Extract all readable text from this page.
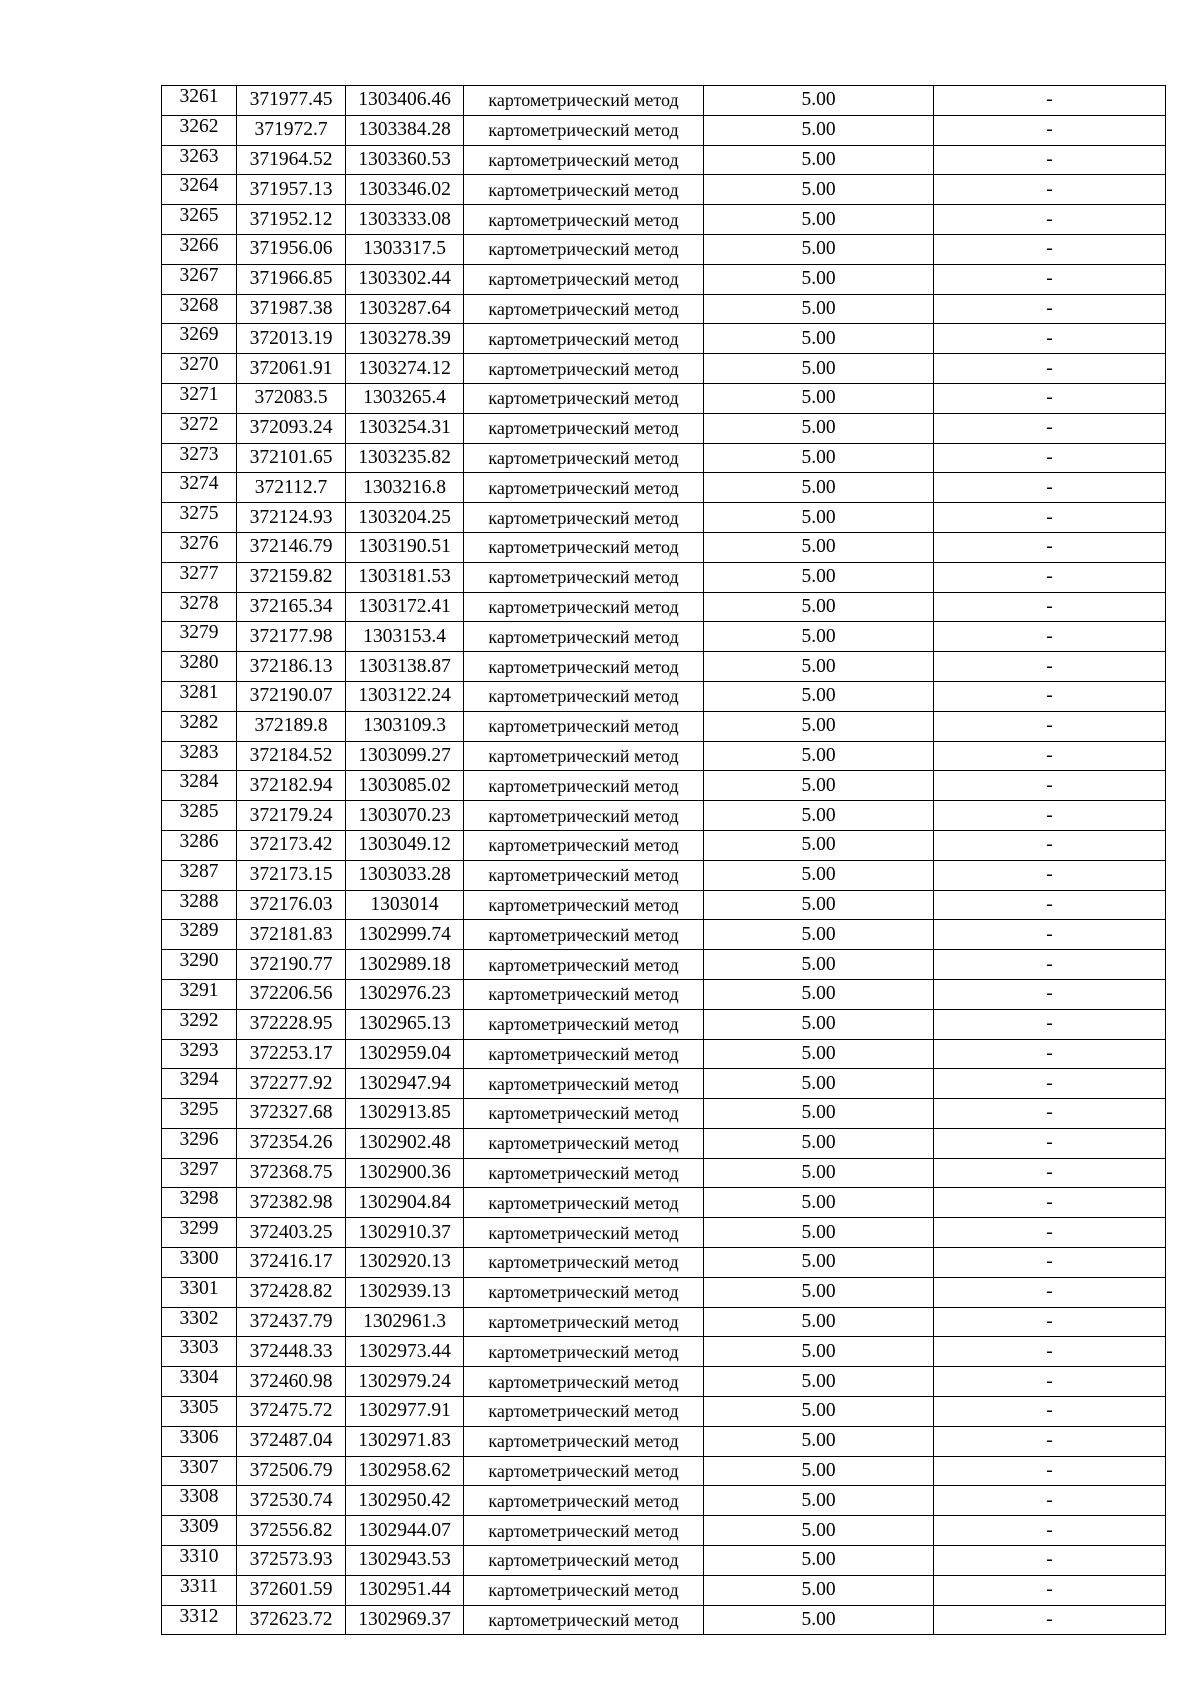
3261	371977.45	1303406.46	картометрический метод	5.00	-
3262	371972.7	1303384.28	картометрический метод	5.00	-
3263	371964.52	1303360.53	картометрический метод	5.00	-
3264	371957.13	1303346.02	картометрический метод	5.00	-
3265	371952.12	1303333.08	картометрический метод	5.00	-
3266	371956.06	1303317.5	картометрический метод	5.00	-
3267	371966.85	1303302.44	картометрический метод	5.00	-
3268	371987.38	1303287.64	картометрический метод	5.00	-
3269	372013.19	1303278.39	картометрический метод	5.00	-
3270	372061.91	1303274.12	картометрический метод	5.00	-
3271	372083.5	1303265.4	картометрический метод	5.00	-
3272	372093.24	1303254.31	картометрический метод	5.00	-
3273	372101.65	1303235.82	картометрический метод	5.00	-
3274	372112.7	1303216.8	картометрический метод	5.00	-
3275	372124.93	1303204.25	картометрический метод	5.00	-
3276	372146.79	1303190.51	картометрический метод	5.00	-
3277	372159.82	1303181.53	картометрический метод	5.00	-
3278	372165.34	1303172.41	картометрический метод	5.00	-
3279	372177.98	1303153.4	картометрический метод	5.00	-
3280	372186.13	1303138.87	картометрический метод	5.00	-
3281	372190.07	1303122.24	картометрический метод	5.00	-
3282	372189.8	1303109.3	картометрический метод	5.00	-
3283	372184.52	1303099.27	картометрический метод	5.00	-
3284	372182.94	1303085.02	картометрический метод	5.00	-
3285	372179.24	1303070.23	картометрический метод	5.00	-
3286	372173.42	1303049.12	картометрический метод	5.00	-
3287	372173.15	1303033.28	картометрический метод	5.00	-
3288	372176.03	1303014	картометрический метод	5.00	-
3289	372181.83	1302999.74	картометрический метод	5.00	-
3290	372190.77	1302989.18	картометрический метод	5.00	-
3291	372206.56	1302976.23	картометрический метод	5.00	-
3292	372228.95	1302965.13	картометрический метод	5.00	-
3293	372253.17	1302959.04	картометрический метод	5.00	-
3294	372277.92	1302947.94	картометрический метод	5.00	-
3295	372327.68	1302913.85	картометрический метод	5.00	-
3296	372354.26	1302902.48	картометрический метод	5.00	-
3297	372368.75	1302900.36	картометрический метод	5.00	-
3298	372382.98	1302904.84	картометрический метод	5.00	-
3299	372403.25	1302910.37	картометрический метод	5.00	-
3300	372416.17	1302920.13	картометрический метод	5.00	-
3301	372428.82	1302939.13	картометрический метод	5.00	-
3302	372437.79	1302961.3	картометрический метод	5.00	-
3303	372448.33	1302973.44	картометрический метод	5.00	-
3304	372460.98	1302979.24	картометрический метод	5.00	-
3305	372475.72	1302977.91	картометрический метод	5.00	-
3306	372487.04	1302971.83	картометрический метод	5.00	-
3307	372506.79	1302958.62	картометрический метод	5.00	-
3308	372530.74	1302950.42	картометрический метод	5.00	-
3309	372556.82	1302944.07	картометрический метод	5.00	-
3310	372573.93	1302943.53	картометрический метод	5.00	-
3311	372601.59	1302951.44	картометрический метод	5.00	-
3312	372623.72	1302969.37	картометрический метод	5.00	-
